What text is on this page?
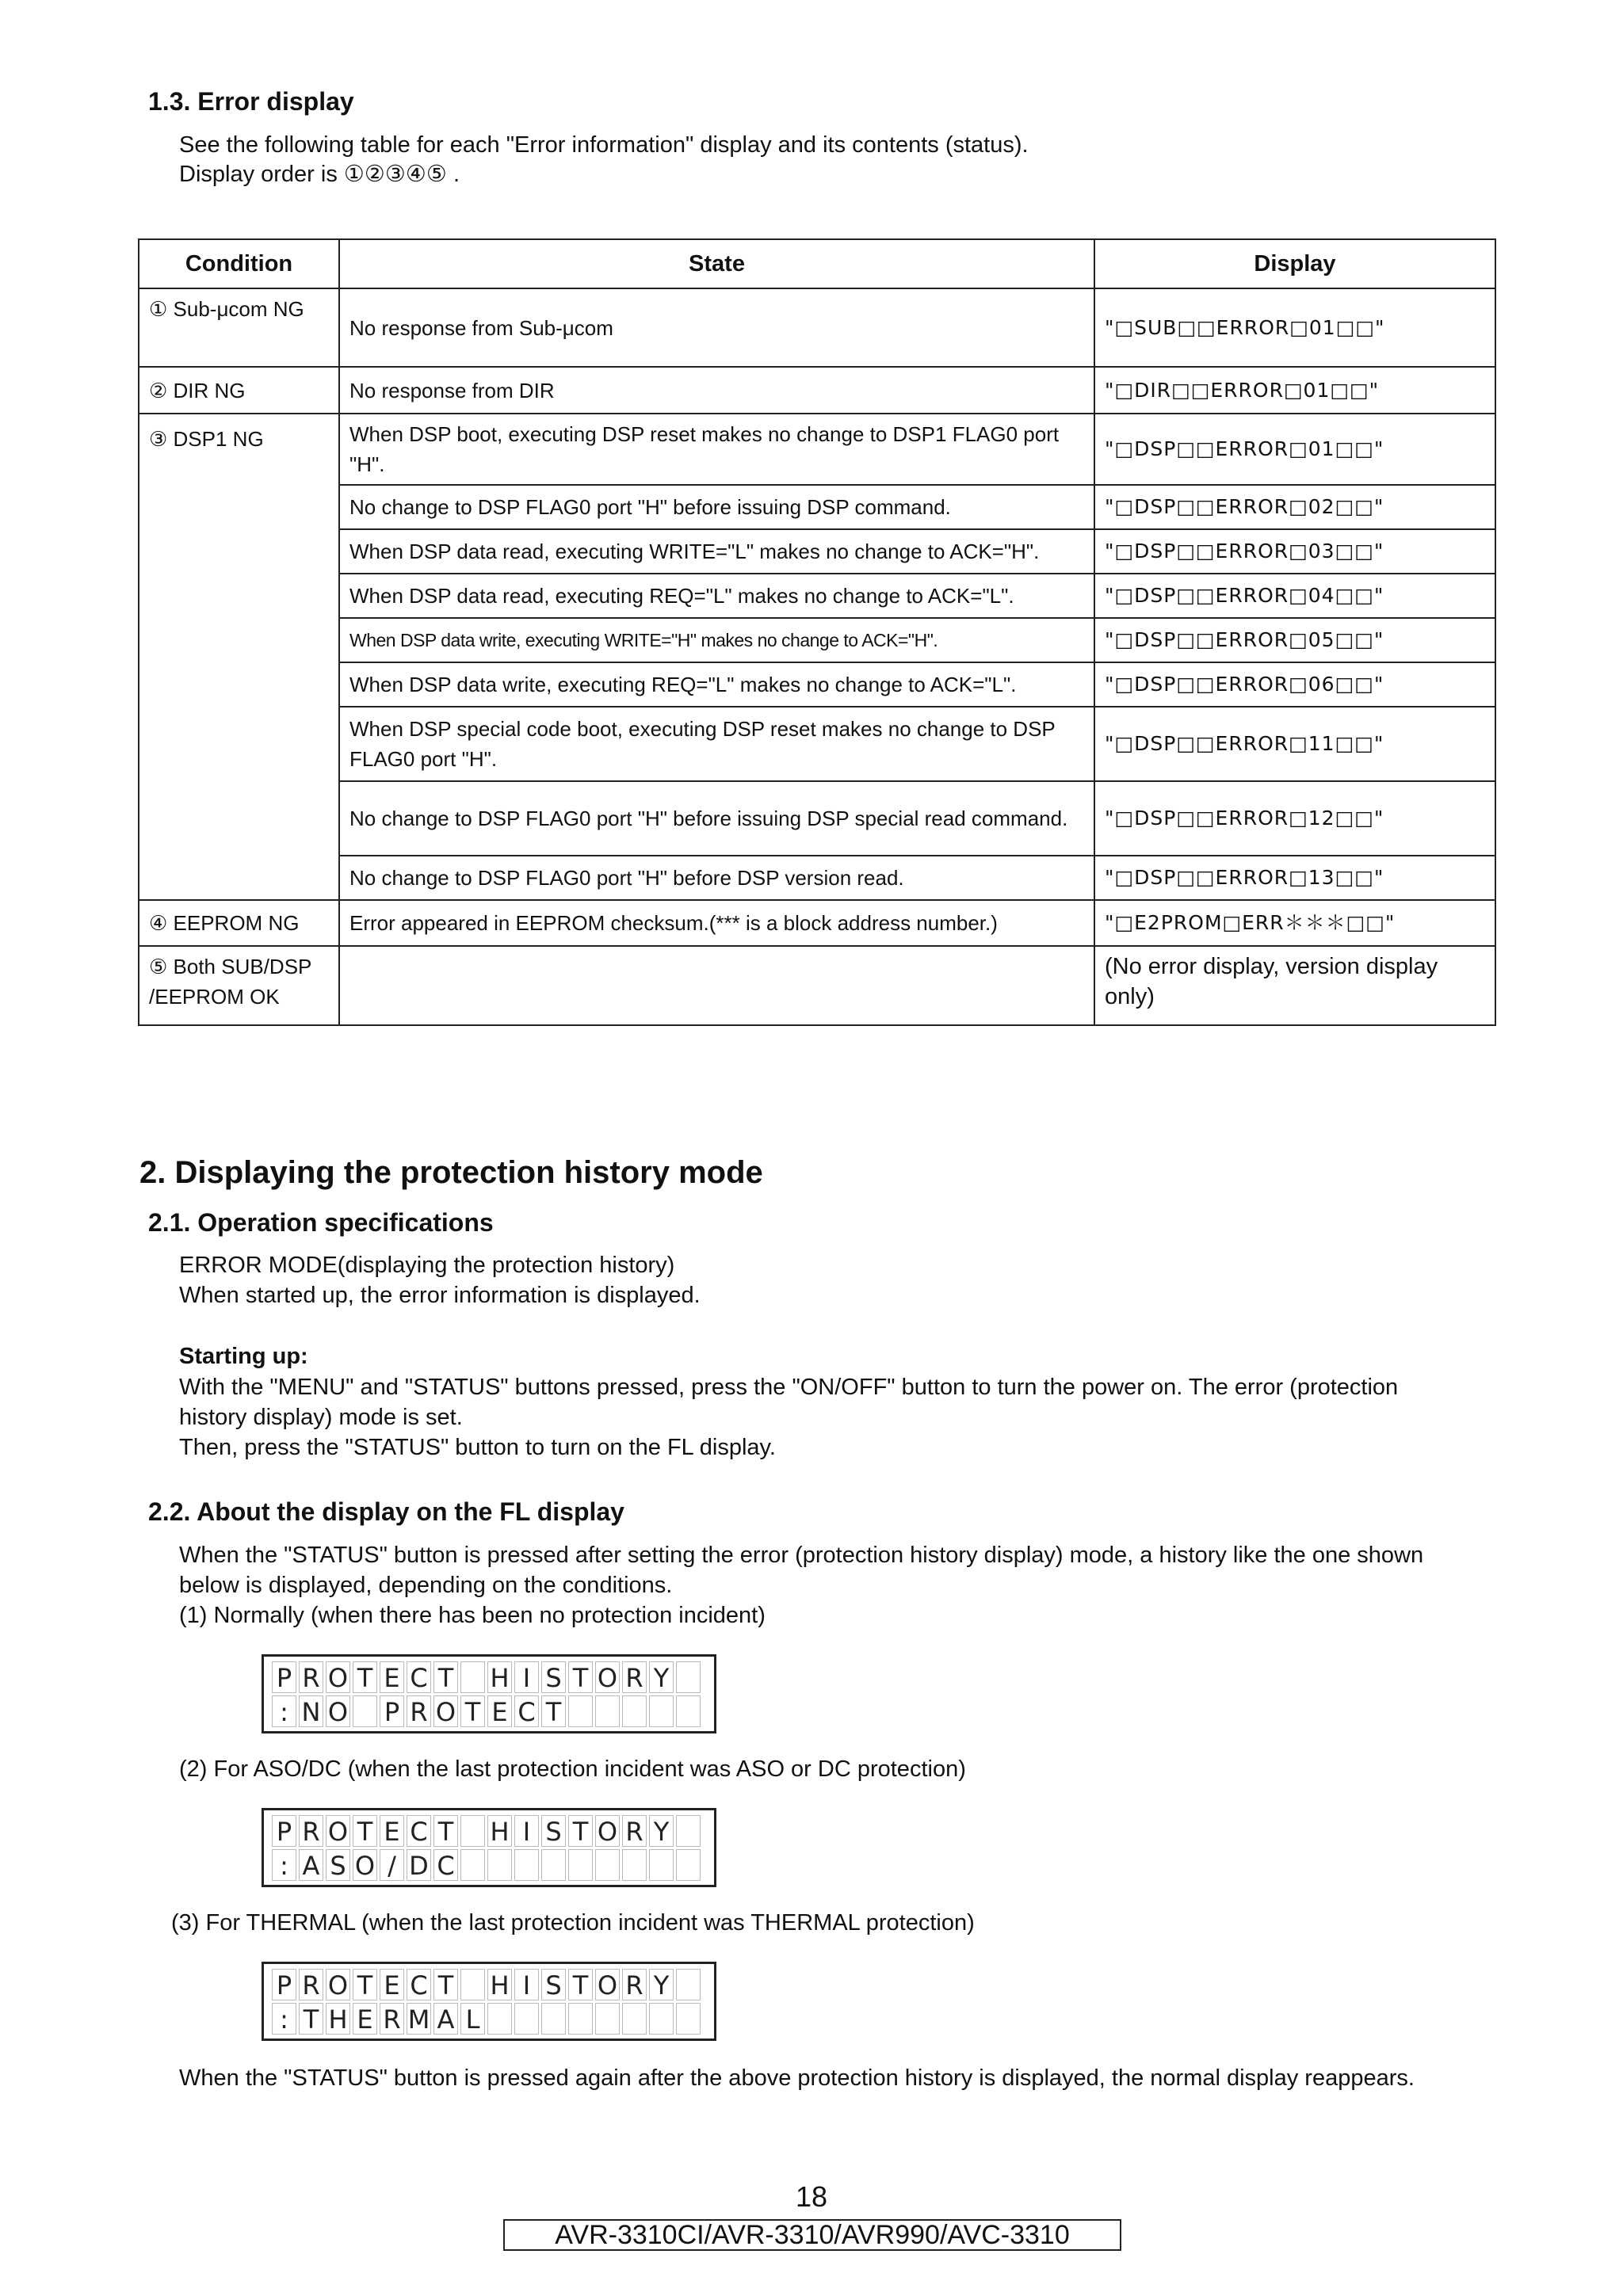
1.3. Error display
See the following table for each "Error information" display and its contents (status).
Display order is ①②③④⑤ .
Condition	State	Display
① Sub-μcom NG	No response from Sub-μcom	"□SUB□□ERROR□01□□"
② DIR NG	No response from DIR	"□DIR□□ERROR□01□□"
③ DSP1 NG	When DSP boot, executing DSP reset makes no change to DSP1 FLAG0 port "H".	"□DSP□□ERROR□01□□"
	No change to DSP FLAG0 port "H" before issuing DSP command.	"□DSP□□ERROR□02□□"
	When DSP data read, executing WRITE="L" makes no change to ACK="H".	"□DSP□□ERROR□03□□"
	When DSP data read, executing REQ="L" makes no change to ACK="L".	"□DSP□□ERROR□04□□"
	When DSP data write, executing WRITE="H" makes no change to ACK="H".	"□DSP□□ERROR□05□□"
	When DSP data write, executing REQ="L" makes no change to ACK="L".	"□DSP□□ERROR□06□□"
	When DSP special code boot, executing DSP reset makes no change to DSP FLAG0 port "H".	"□DSP□□ERROR□11□□"
	No change to DSP FLAG0 port "H" before issuing DSP special read command.	"□DSP□□ERROR□12□□"
	No change to DSP FLAG0 port "H" before DSP version read.	"□DSP□□ERROR□13□□"
④ EEPROM NG	Error appeared in EEPROM checksum.(*** is a block address number.)	"□E2PROM□ERR＊＊＊□□"
⑤ Both SUB/DSP /EEPROM OK		(No error display, version display only)
2. Displaying the protection history mode
2.1. Operation specifications
ERROR MODE(displaying the protection history)
When started up, the error information is displayed.
Starting up:
With the "MENU" and "STATUS" buttons pressed, press the "ON/OFF" button to turn the power on. The error (protection
history display) mode is set.
Then, press the "STATUS" button to turn on the FL display.
2.2. About the display on the FL display
When the "STATUS" button is pressed after setting the error (protection history display) mode, a history like the one shown
below is displayed, depending on the conditions.
(1) Normally (when there has been no protection incident)
P R O T E C T H I S T O R Y
: N O P R O T E C T
(2) For ASO/DC (when the last protection incident was ASO or DC protection)
P R O T E C T H I S T O R Y
: A S O / D C
(3) For THERMAL (when the last protection incident was THERMAL protection)
P R O T E C T H I S T O R Y
: T H E R M A L
When the "STATUS" button is pressed again after the above protection history is displayed, the normal display reappears.
18
AVR-3310CI/AVR-3310/AVR990/AVC-3310
